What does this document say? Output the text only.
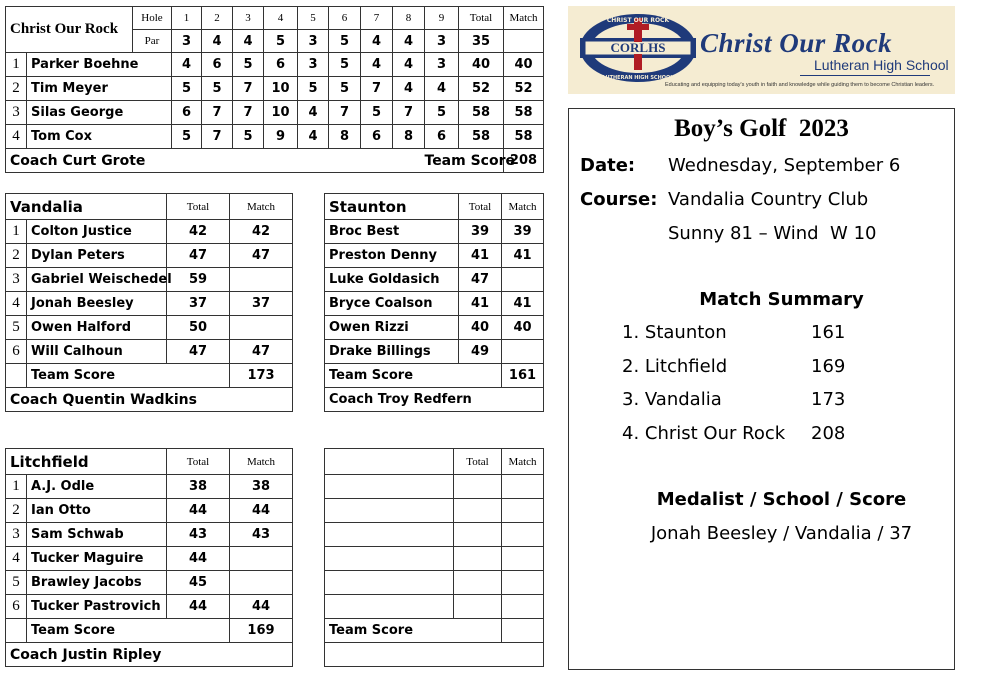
Christ Our Rock		Hole	1	2	3	4	5	6	7	8	9	Total	Match
		Par	3	4	4	5	3	5	4	4	3	35	
1	Parker Boehne		4	6	5	6	3	5	4	4	3	40	40
2	Tim Meyer		5	5	7	10	5	5	7	4	4	52	52
3	Silas George		6	7	7	10	4	7	5	7	5	58	58
4	Tom Cox		5	7	5	9	4	8	6	8	6	58	58
Coach Curt Grote											Team Score		208
Vandalia		Total	Match
1	Colton Justice	42	42
2	Dylan Peters	47	47
3	Gabriel Weischedel	59	
4	Jonah Beesley	37	37
5	Owen Halford	50	
6	Will Calhoun	47	47
	Team Score		173
Coach Quentin Wadkins			
Staunton	Total	Match
Broc Best	39	39
Preston Denny	41	41
Luke Goldasich	47	
Bryce Coalson	41	41
Owen Rizzi	40	40
Drake Billings	49	
Team Score		161
Coach Troy Redfern		
Litchfield		Total	Match
1	A.J. Odle	38	38
2	Ian Otto	44	44
3	Sam Schwab	43	43
4	Tucker Maguire	44	
5	Brawley Jacobs	45	
6	Tucker Pastrovich	44	44
	Team Score		169
Coach Justin Ripley			
	Total	Match

Team Score		

CHRIST OUR ROCK
CORLHS
LUTHERAN HIGH SCHOOL
Christ Our Rock
Lutheran High School
Educating and equipping today's youth in faith and knowledge while guiding them to become Christian leaders.
Boy’s Golf  2023
Date: Wednesday, September 6
Course: Vandalia Country Club
Sunny 81 – Wind  W 10
Match Summary
1. Staunton	161
2. Litchfield	169
3. Vandalia	173
4. Christ Our Rock 208
Medalist / School / Score
Jonah Beesley / Vandalia / 37
